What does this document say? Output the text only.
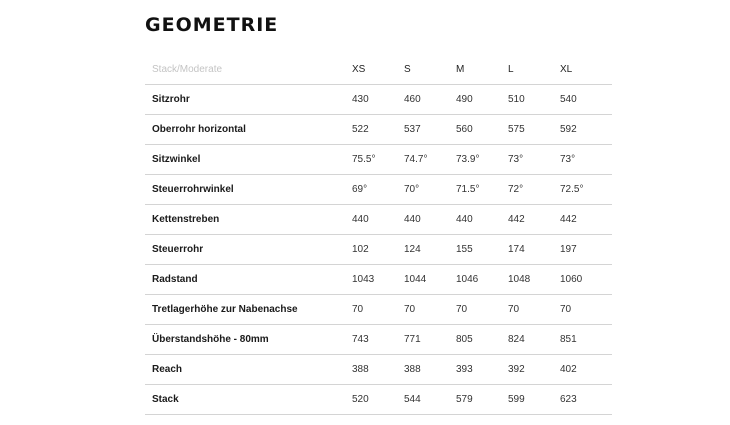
GEOMETRIE
Stack/Moderate	XS	S	M	L	XL
Sitzrohr	430	460	490	510	540
Oberrohr horizontal	522	537	560	575	592
Sitzwinkel	75.5°	74.7°	73.9°	73°	73°
Steuerrohrwinkel	69°	70°	71.5°	72°	72.5°
Kettenstreben	440	440	440	442	442
Steuerrohr	102	124	155	174	197
Radstand	1043	1044	1046	1048	1060
Tretlagerhöhe zur Nabenachse	70	70	70	70	70
Überstandshöhe - 80mm	743	771	805	824	851
Reach	388	388	393	392	402
Stack	520	544	579	599	623
